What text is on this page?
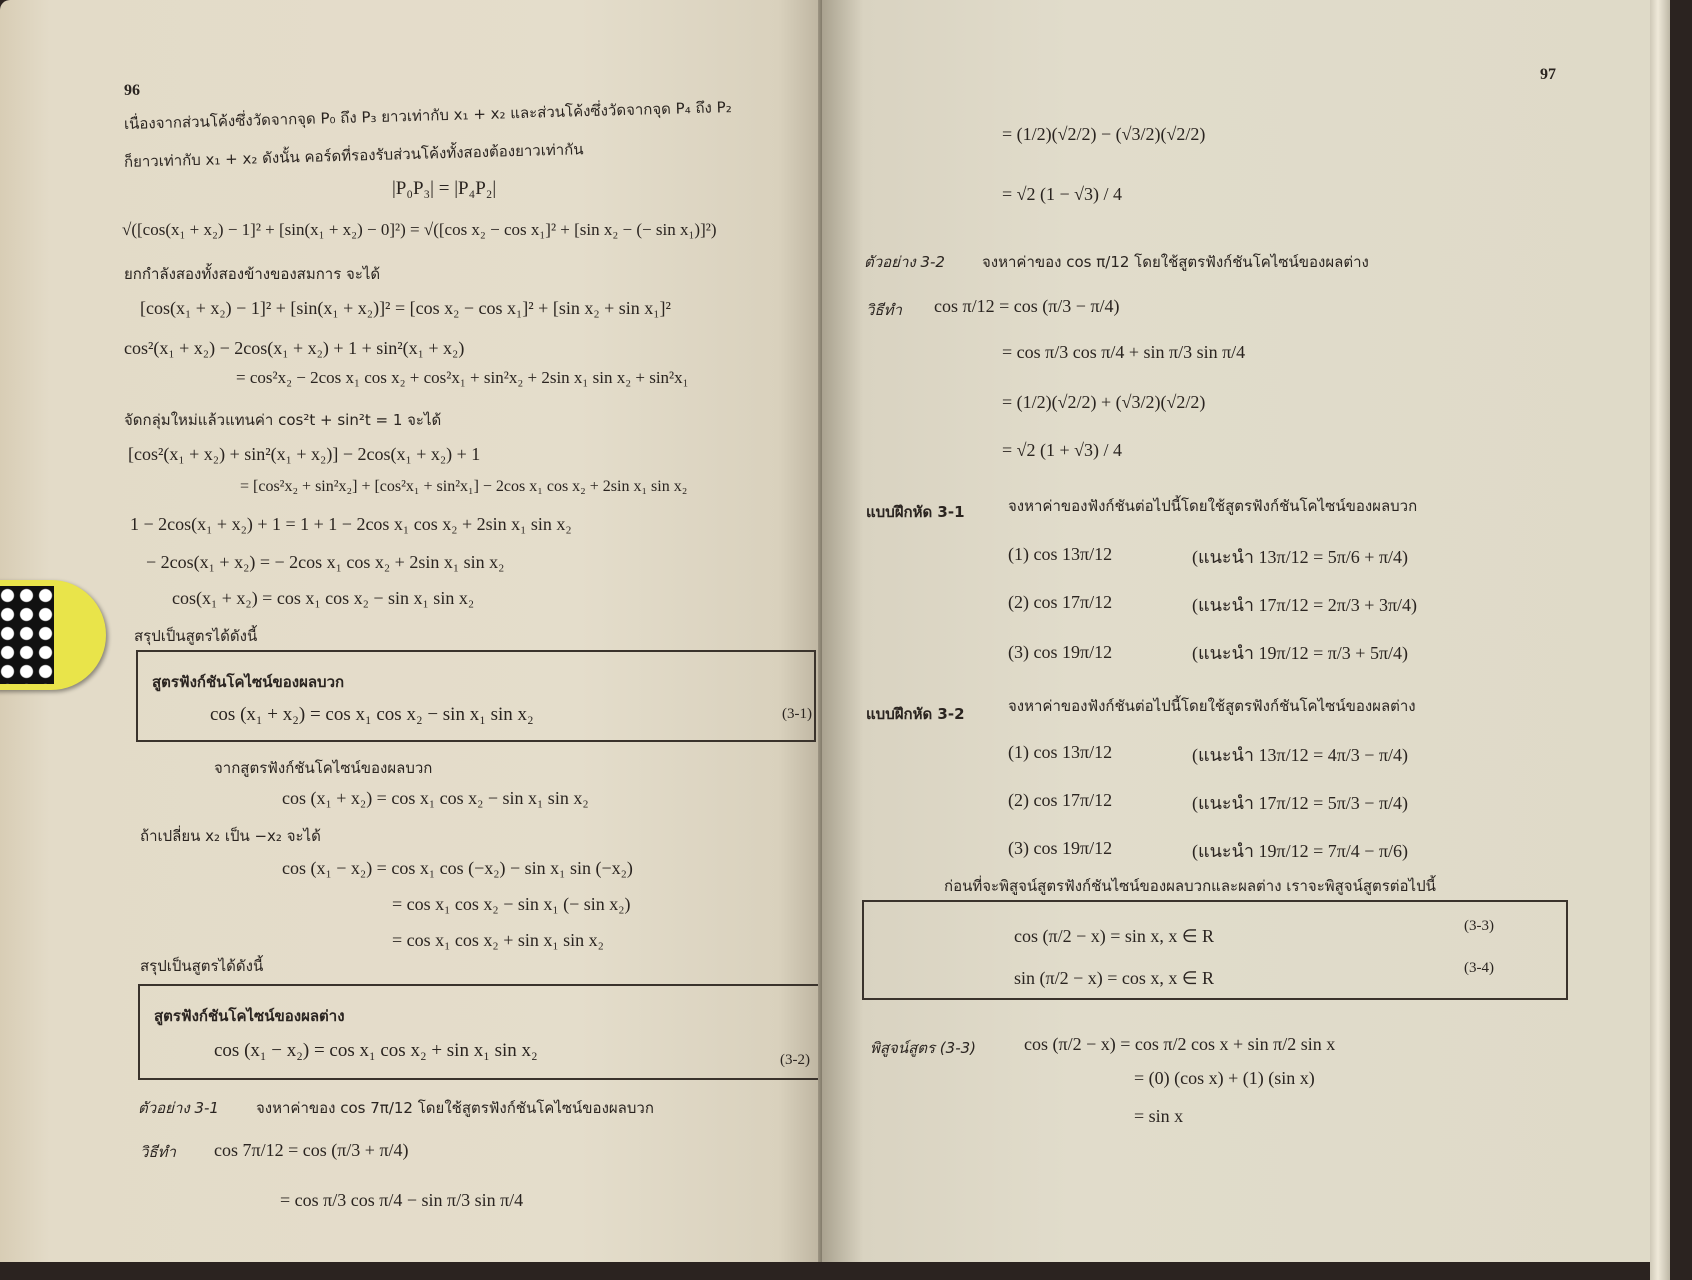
96
เนื่องจากส่วนโค้งซึ่งวัดจากจุด P₀ ถึง P₃ ยาวเท่ากับ x₁ + x₂ และส่วนโค้งซึ่งวัดจากจุด P₄ ถึง P₂
ก็ยาวเท่ากับ x₁ + x₂ ดังนั้น คอร์ดที่รองรับส่วนโค้งทั้งสองต้องยาวเท่ากัน
|P₀P₃| = |P₄P₂|
√([cos(x₁ + x₂) − 1]² + [sin(x₁ + x₂) − 0]²) = √([cos x₂ − cos x₁]² + [sin x₂ − (− sin x₁)]²)
ยกกำลังสองทั้งสองข้างของสมการ จะได้
[cos(x₁ + x₂) − 1]² + [sin(x₁ + x₂)]² = [cos x₂ − cos x₁]² + [sin x₂ + sin x₁]²
cos²(x₁ + x₂) − 2cos(x₁ + x₂) + 1 + sin²(x₁ + x₂)
= cos²x₂ − 2cos x₁ cos x₂ + cos²x₁ + sin²x₂ + 2sin x₁ sin x₂ + sin²x₁
จัดกลุ่มใหม่แล้วแทนค่า cos²t + sin²t = 1 จะได้
[cos²(x₁ + x₂) + sin²(x₁ + x₂)] − 2cos(x₁ + x₂) + 1
= [cos²x₂ + sin²x₂] + [cos²x₁ + sin²x₁] − 2cos x₁ cos x₂ + 2sin x₁ sin x₂
1 − 2cos(x₁ + x₂) + 1 = 1 + 1 − 2cos x₁ cos x₂ + 2sin x₁ sin x₂
− 2cos(x₁ + x₂) = − 2cos x₁ cos x₂ + 2sin x₁ sin x₂
cos(x₁ + x₂) = cos x₁ cos x₂ − sin x₁ sin x₂
สรุปเป็นสูตรได้ดังนี้
สูตรฟังก์ชันโคไซน์ของผลบวก
cos (x₁ + x₂) = cos x₁ cos x₂ − sin x₁ sin x₂	(3-1)
จากสูตรฟังก์ชันโคไซน์ของผลบวก
cos (x₁ + x₂) = cos x₁ cos x₂ − sin x₁ sin x₂
ถ้าเปลี่ยน x₂ เป็น −x₂ จะได้
cos (x₁ − x₂) = cos x₁ cos (−x₂) − sin x₁ sin (−x₂)
= cos x₁ cos x₂ − sin x₁ (− sin x₂)
= cos x₁ cos x₂ + sin x₁ sin x₂
สรุปเป็นสูตรได้ดังนี้
สูตรฟังก์ชันโคไซน์ของผลต่าง
cos (x₁ − x₂) = cos x₁ cos x₂ + sin x₁ sin x₂	(3-2)
ตัวอย่าง 3-1 จงหาค่าของ cos 7π/12 โดยใช้สูตรฟังก์ชันโคไซน์ของผลบวก
วิธีทำ cos 7π/12 = cos (π/3 + π/4)
= cos π/3 cos π/4 − sin π/3 sin π/4
97
= (1/2)(√2/2) − (√3/2)(√2/2)
= √2 (1 − √3) / 4
ตัวอย่าง 3-2 จงหาค่าของ cos π/12 โดยใช้สูตรฟังก์ชันโคไซน์ของผลต่าง
วิธีทำ cos π/12 = cos (π/3 − π/4)
= cos π/3 cos π/4 + sin π/3 sin π/4
= (1/2)(√2/2) + (√3/2)(√2/2)
= √2 (1 + √3) / 4
แบบฝึกหัด 3-1	จงหาค่าของฟังก์ชันต่อไปนี้โดยใช้สูตรฟังก์ชันโคไซน์ของผลบวก
(1) cos 13π/12	(แนะนำ 13π/12 = 5π/6 + π/4)
(2) cos 17π/12	(แนะนำ 17π/12 = 2π/3 + 3π/4)
(3) cos 19π/12	(แนะนำ 19π/12 = π/3 + 5π/4)
แบบฝึกหัด 3-2	จงหาค่าของฟังก์ชันต่อไปนี้โดยใช้สูตรฟังก์ชันโคไซน์ของผลต่าง
(1) cos 13π/12	(แนะนำ 13π/12 = 4π/3 − π/4)
(2) cos 17π/12	(แนะนำ 17π/12 = 5π/3 − π/4)
(3) cos 19π/12	(แนะนำ 19π/12 = 7π/4 − π/6)
ก่อนที่จะพิสูจน์สูตรฟังก์ชันไซน์ของผลบวกและผลต่าง เราจะพิสูจน์สูตรต่อไปนี้
cos (π/2 − x) = sin x, x ∈ R	(3-3)
sin (π/2 − x) = cos x, x ∈ R	(3-4)
พิสูจน์สูตร (3-3)	cos (π/2 − x) = cos π/2 cos x + sin π/2 sin x
= (0) (cos x) + (1) (sin x)
= sin x
